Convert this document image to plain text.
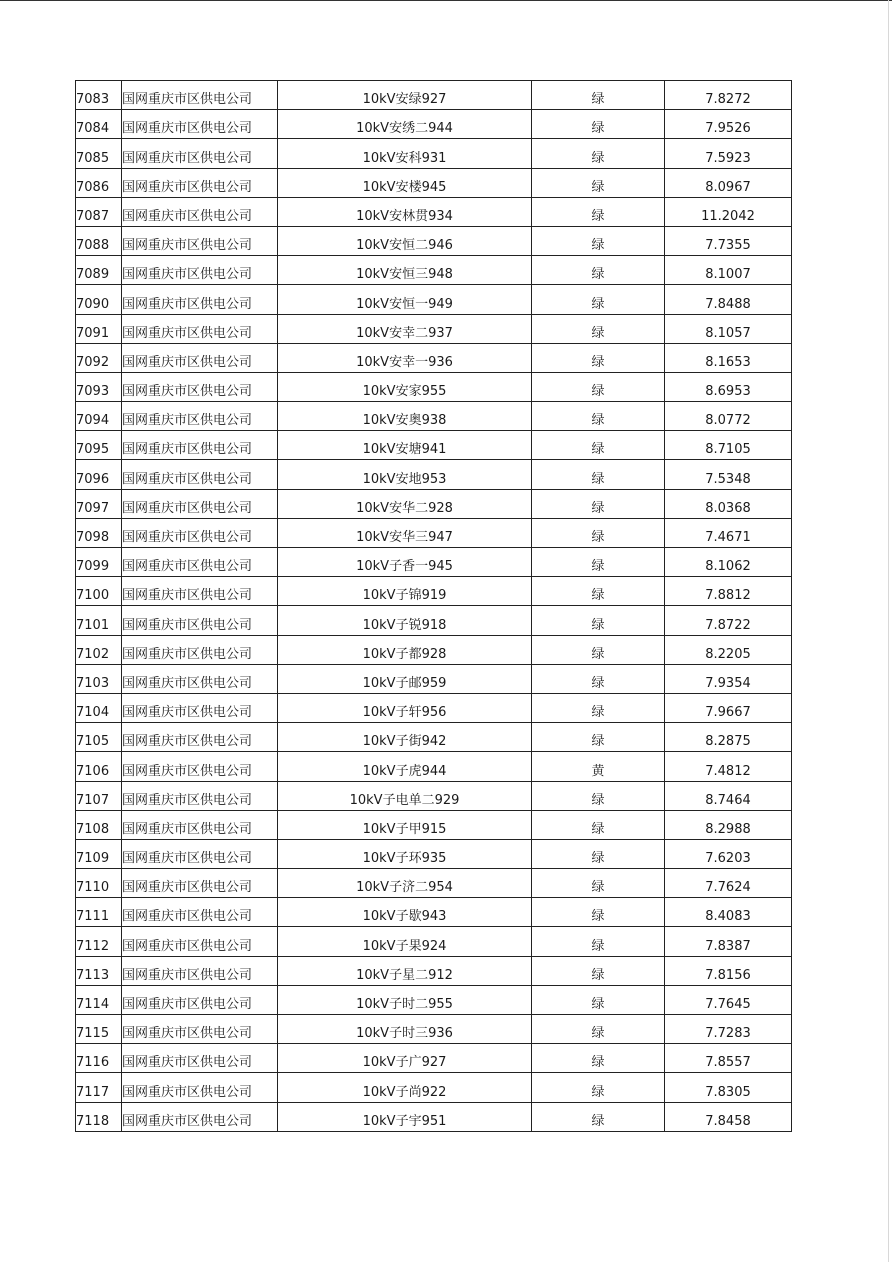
7083	国网重庆市区供电公司	10kV安绿927	绿	7.8272
7084	国网重庆市区供电公司	10kV安绣二944	绿	7.9526
7085	国网重庆市区供电公司	10kV安科931	绿	7.5923
7086	国网重庆市区供电公司	10kV安楼945	绿	8.0967
7087	国网重庆市区供电公司	10kV安林贯934	绿	11.2042
7088	国网重庆市区供电公司	10kV安恒二946	绿	7.7355
7089	国网重庆市区供电公司	10kV安恒三948	绿	8.1007
7090	国网重庆市区供电公司	10kV安恒一949	绿	7.8488
7091	国网重庆市区供电公司	10kV安幸二937	绿	8.1057
7092	国网重庆市区供电公司	10kV安幸一936	绿	8.1653
7093	国网重庆市区供电公司	10kV安家955	绿	8.6953
7094	国网重庆市区供电公司	10kV安奥938	绿	8.0772
7095	国网重庆市区供电公司	10kV安塘941	绿	8.7105
7096	国网重庆市区供电公司	10kV安地953	绿	7.5348
7097	国网重庆市区供电公司	10kV安华二928	绿	8.0368
7098	国网重庆市区供电公司	10kV安华三947	绿	7.4671
7099	国网重庆市区供电公司	10kV子香一945	绿	8.1062
7100	国网重庆市区供电公司	10kV子锦919	绿	7.8812
7101	国网重庆市区供电公司	10kV子锐918	绿	7.8722
7102	国网重庆市区供电公司	10kV子都928	绿	8.2205
7103	国网重庆市区供电公司	10kV子邮959	绿	7.9354
7104	国网重庆市区供电公司	10kV子轩956	绿	7.9667
7105	国网重庆市区供电公司	10kV子街942	绿	8.2875
7106	国网重庆市区供电公司	10kV子虎944	黄	7.4812
7107	国网重庆市区供电公司	10kV子电单二929	绿	8.7464
7108	国网重庆市区供电公司	10kV子甲915	绿	8.2988
7109	国网重庆市区供电公司	10kV子环935	绿	7.6203
7110	国网重庆市区供电公司	10kV子济二954	绿	7.7624
7111	国网重庆市区供电公司	10kV子歇943	绿	8.4083
7112	国网重庆市区供电公司	10kV子果924	绿	7.8387
7113	国网重庆市区供电公司	10kV子星二912	绿	7.8156
7114	国网重庆市区供电公司	10kV子时二955	绿	7.7645
7115	国网重庆市区供电公司	10kV子时三936	绿	7.7283
7116	国网重庆市区供电公司	10kV子广927	绿	7.8557
7117	国网重庆市区供电公司	10kV子尚922	绿	7.8305
7118	国网重庆市区供电公司	10kV子宇951	绿	7.8458
